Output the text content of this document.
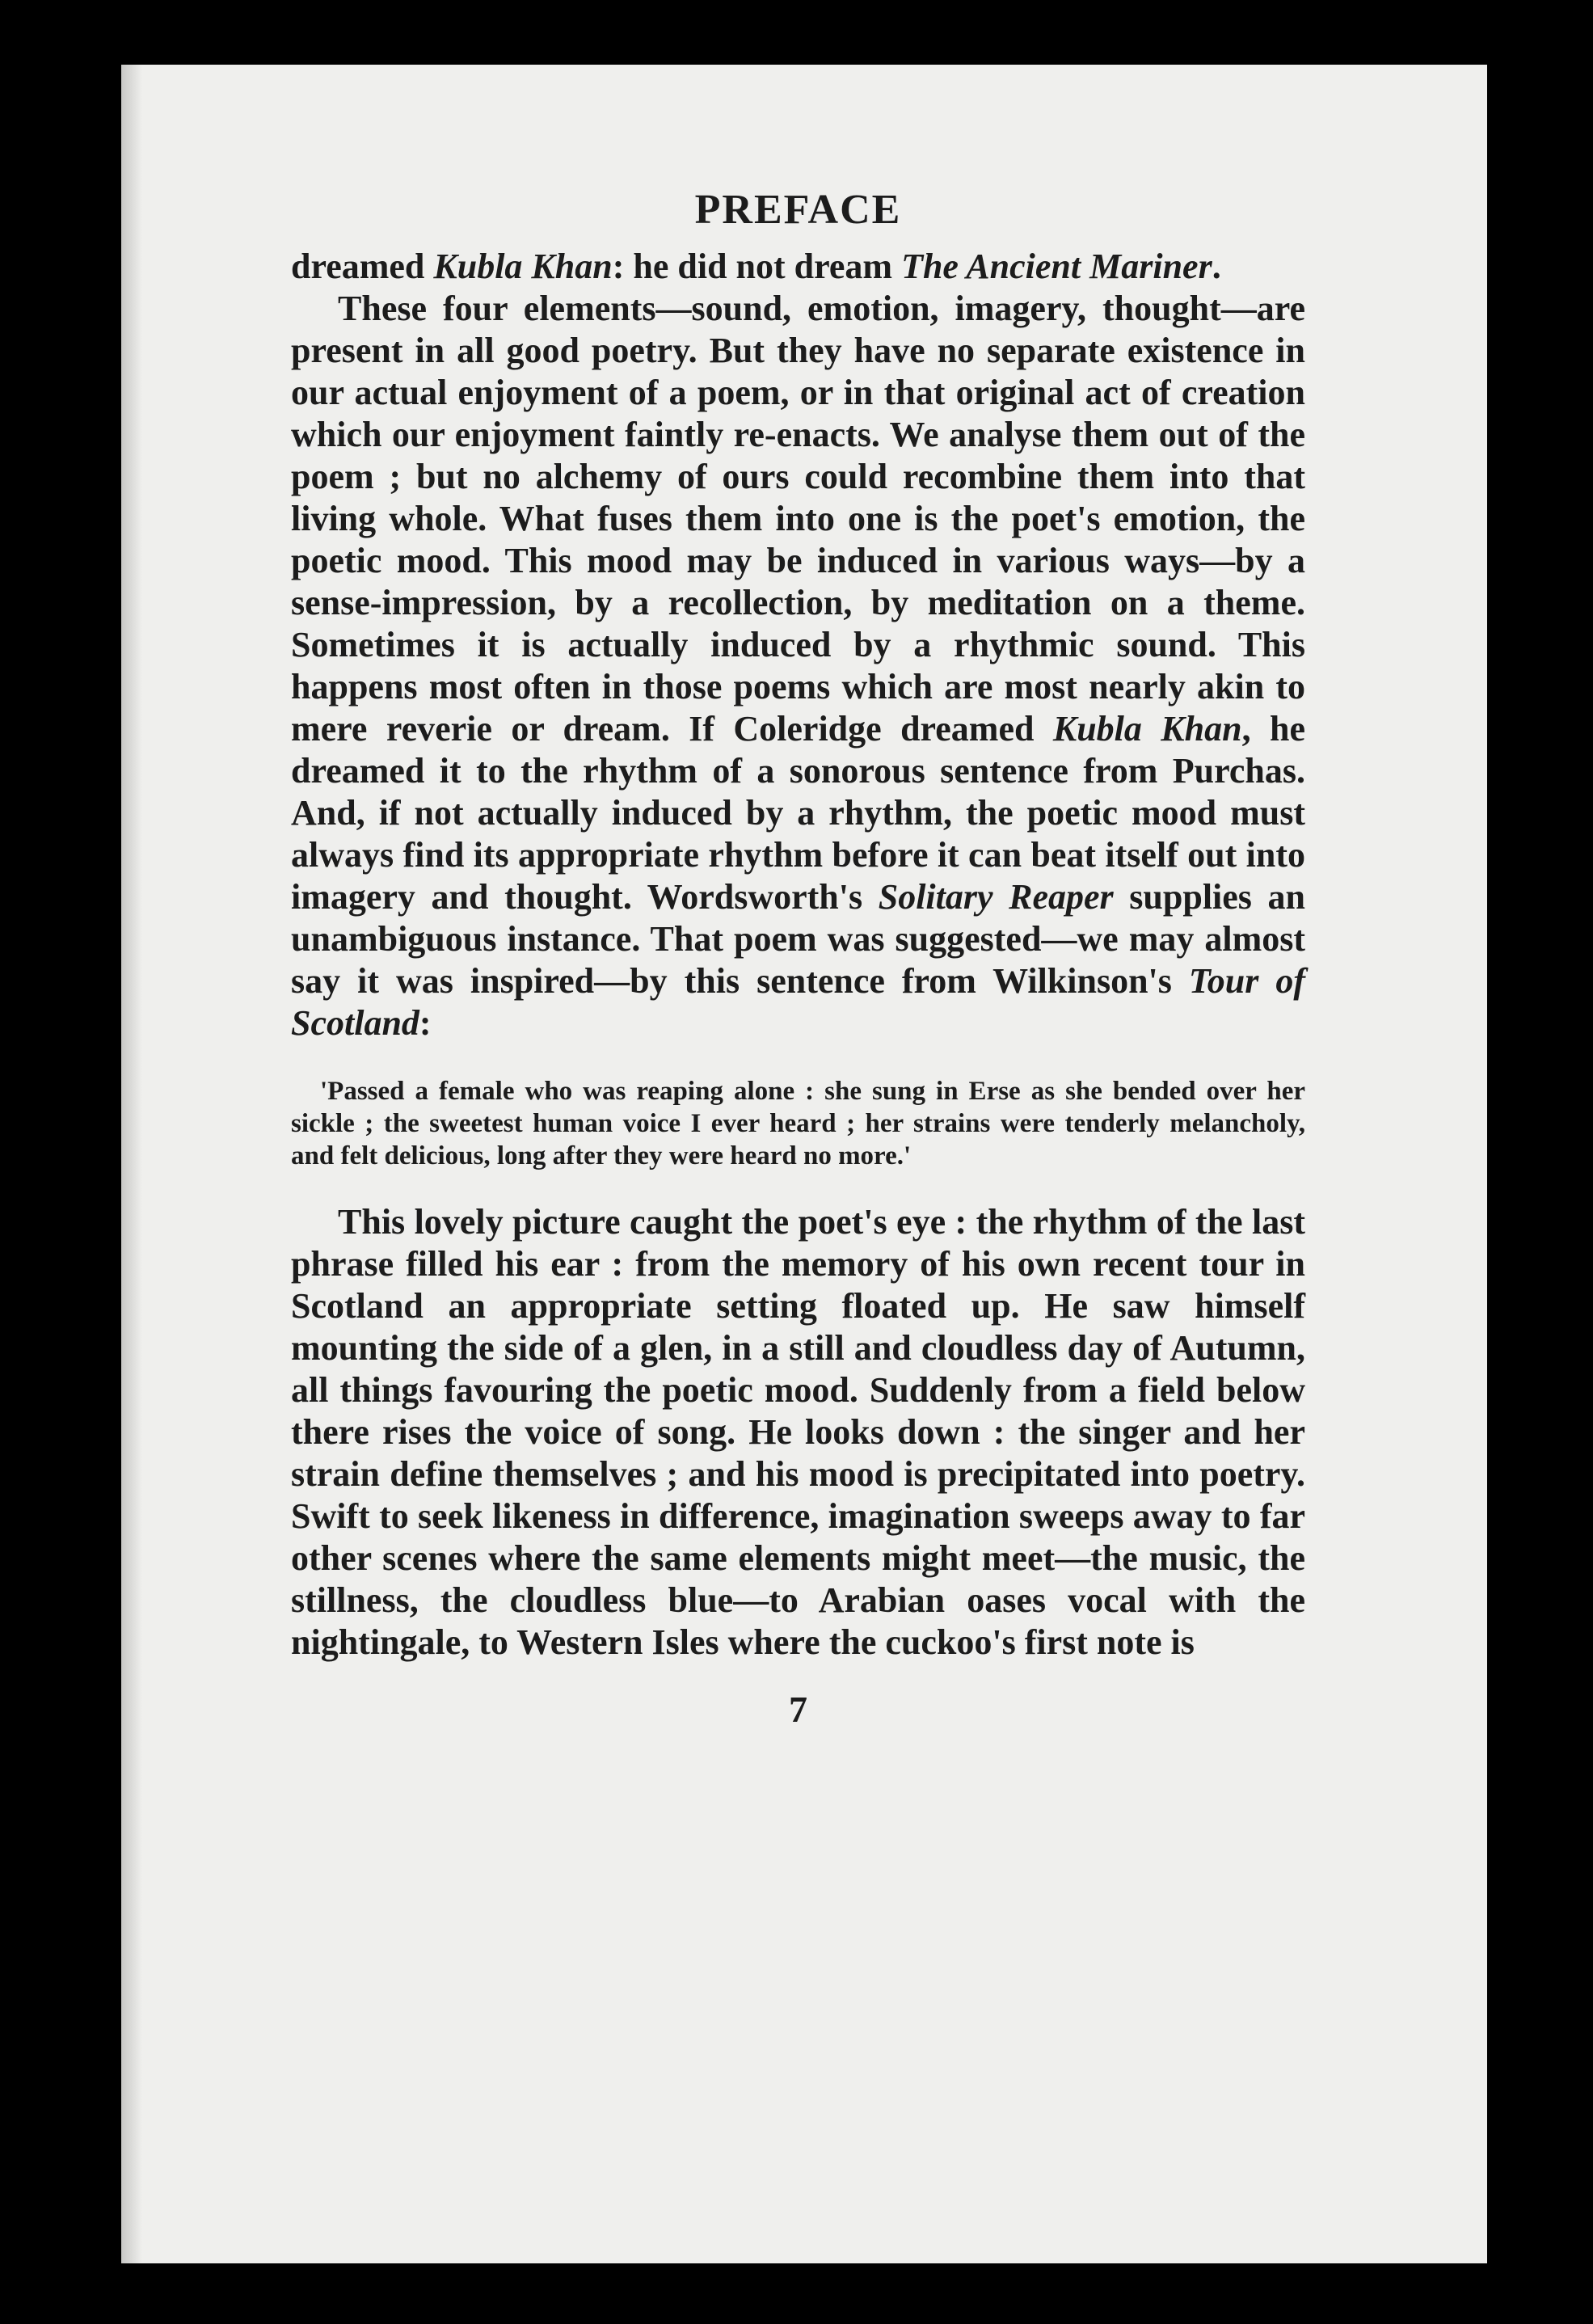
PREFACE

dreamed Kubla Khan: he did not dream The Ancient Mariner.

These four elements—sound, emotion, imagery, thought—are present in all good poetry. But they have no separate existence in our actual enjoyment of a poem, or in that original act of creation which our enjoyment faintly re-enacts. We analyse them out of the poem ; but no alchemy of ours could recombine them into that living whole. What fuses them into one is the poet's emotion, the poetic mood. This mood may be induced in various ways—by a sense-impression, by a recollection, by meditation on a theme. Sometimes it is actually induced by a rhythmic sound. This happens most often in those poems which are most nearly akin to mere reverie or dream. If Coleridge dreamed Kubla Khan, he dreamed it to the rhythm of a sonorous sentence from Purchas. And, if not actually induced by a rhythm, the poetic mood must always find its appropriate rhythm before it can beat itself out into imagery and thought. Wordsworth's Solitary Reaper supplies an unambiguous instance. That poem was suggested—we may almost say it was inspired—by this sentence from Wilkinson's Tour of Scotland:

'Passed a female who was reaping alone : she sung in Erse as she bended over her sickle ; the sweetest human voice I ever heard ; her strains were tenderly melancholy, and felt delicious, long after they were heard no more.'

This lovely picture caught the poet's eye : the rhythm of the last phrase filled his ear : from the memory of his own recent tour in Scotland an appropriate setting floated up. He saw himself mounting the side of a glen, in a still and cloudless day of Autumn, all things favouring the poetic mood. Suddenly from a field below there rises the voice of song. He looks down : the singer and her strain define themselves ; and his mood is precipitated into poetry. Swift to seek likeness in difference, imagination sweeps away to far other scenes where the same elements might meet—the music, the stillness, the cloudless blue—to Arabian oases vocal with the nightingale, to Western Isles where the cuckoo's first note is

7
